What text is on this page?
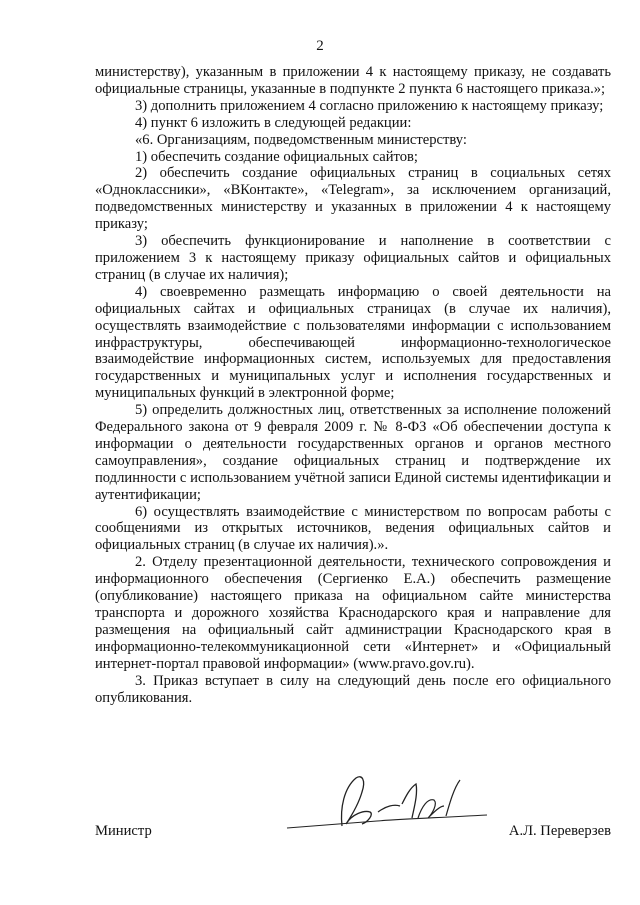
2

министерству), указанным в приложении 4 к настоящему приказу, не создавать официальные страницы, указанные в подпункте 2 пункта 6 настоящего приказа.»;

3) дополнить приложением 4 согласно приложению к настоящему приказу;

4) пункт 6 изложить в следующей редакции:

«6. Организациям, подведомственным министерству:

1) обеспечить создание официальных сайтов;

2) обеспечить создание официальных страниц в социальных сетях «Одноклассники», «ВКонтакте», «Telegram», за исключением организаций, подведомственных министерству и указанных в приложении 4 к настоящему приказу;

3) обеспечить функционирование и наполнение в соответствии с приложением 3 к настоящему приказу официальных сайтов и официальных страниц (в случае их наличия);

4) своевременно размещать информацию о своей деятельности на официальных сайтах и официальных страницах (в случае их наличия), осуществлять взаимодействие с пользователями информации с использованием инфраструктуры, обеспечивающей информационно-технологическое взаимодействие информационных систем, используемых для предоставления государственных и муниципальных услуг и исполнения государственных и муниципальных функций в электронной форме;

5) определить должностных лиц, ответственных за исполнение положений Федерального закона от 9 февраля 2009 г. № 8-ФЗ «Об обеспечении доступа к информации о деятельности государственных органов и органов местного самоуправления», создание официальных страниц и подтверждение их подлинности с использованием учётной записи Единой системы идентификации и аутентификации;

6) осуществлять взаимодействие с министерством по вопросам работы с сообщениями из открытых источников, ведения официальных сайтов и официальных страниц (в случае их наличия).».

2. Отделу презентационной деятельности, технического сопровождения и информационного обеспечения (Сергиенко Е.А.) обеспечить размещение (опубликование) настоящего приказа на официальном сайте министерства транспорта и дорожного хозяйства Краснодарского края и направление для размещения на официальный сайт администрации Краснодарского края в информационно-телекоммуникационной сети «Интернет» и «Официальный интернет-портал правовой информации» (www.pravo.gov.ru).

3. Приказ вступает в силу на следующий день после его официального опубликования.

Министр	А.Л. Переверзев
